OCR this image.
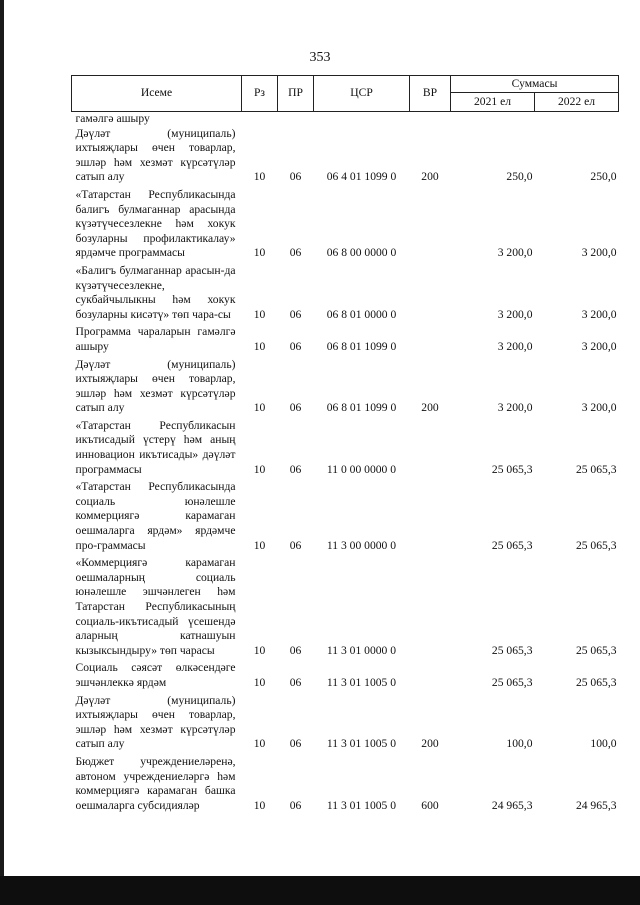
353
Исеме	Рз	ПР	ЦСР	ВР	Суммасы	
					2021 ел	2022 ел
гамәлгә ашыру						
Дәүләт (муниципаль) ихтыяҗлары өчен товарлар, эшләр һәм хезмәт күрсәтүләр сатып алу	10	06	06 4 01 1099 0	200	250,0	250,0
«Татарстан Республикасында балигъ булмаганнар арасында күзәтүчесезлекне һәм хокук бозуларны профилактикалау» ярдәмче программасы	10	06	06 8 00 0000 0		3 200,0	3 200,0
«Балигъ булмаганнар арасын-да күзәтүчесезлекне, сукбайчылыкны һәм хокук бозуларны кисәтү» төп чара-сы	10	06	06 8 01 0000 0		3 200,0	3 200,0
Программа чараларын гамәлгә ашыру	10	06	06 8 01 1099 0		3 200,0	3 200,0
Дәүләт (муниципаль) ихтыяҗлары өчен товарлар, эшләр һәм хезмәт күрсәтүләр сатып алу	10	06	06 8 01 1099 0	200	3 200,0	3 200,0
«Татарстан Республикасын икътисадый үстерү һәм аның инновацион икътисады» дәүләт программасы	10	06	11 0 00 0000 0		25 065,3	25 065,3
«Татарстан Республикасында социаль юнәлешле коммерциягә карамаган оешмаларга ярдәм» ярдәмче про-граммасы	10	06	11 3 00 0000 0		25 065,3	25 065,3
«Коммерциягә карамаган оешмаларның социаль юнәлешле эшчәнлеген һәм Татарстан Республикасының социаль-икътисадый үсешендә аларның катнашуын кызыксындыру» төп чарасы	10	06	11 3 01 0000 0		25 065,3	25 065,3
Социаль сәясәт өлкәсендәге эшчәнлеккә ярдәм	10	06	11 3 01 1005 0		25 065,3	25 065,3
Дәүләт (муниципаль) ихтыяҗлары өчен товарлар, эшләр һәм хезмәт күрсәтүләр сатып алу	10	06	11 3 01 1005 0	200	100,0	100,0
Бюджет учреждениеләренә, автоном учреждениеләргә һәм коммерциягә карамаган башка оешмаларга субсидияләр	10	06	11 3 01 1005 0	600	24 965,3	24 965,3
